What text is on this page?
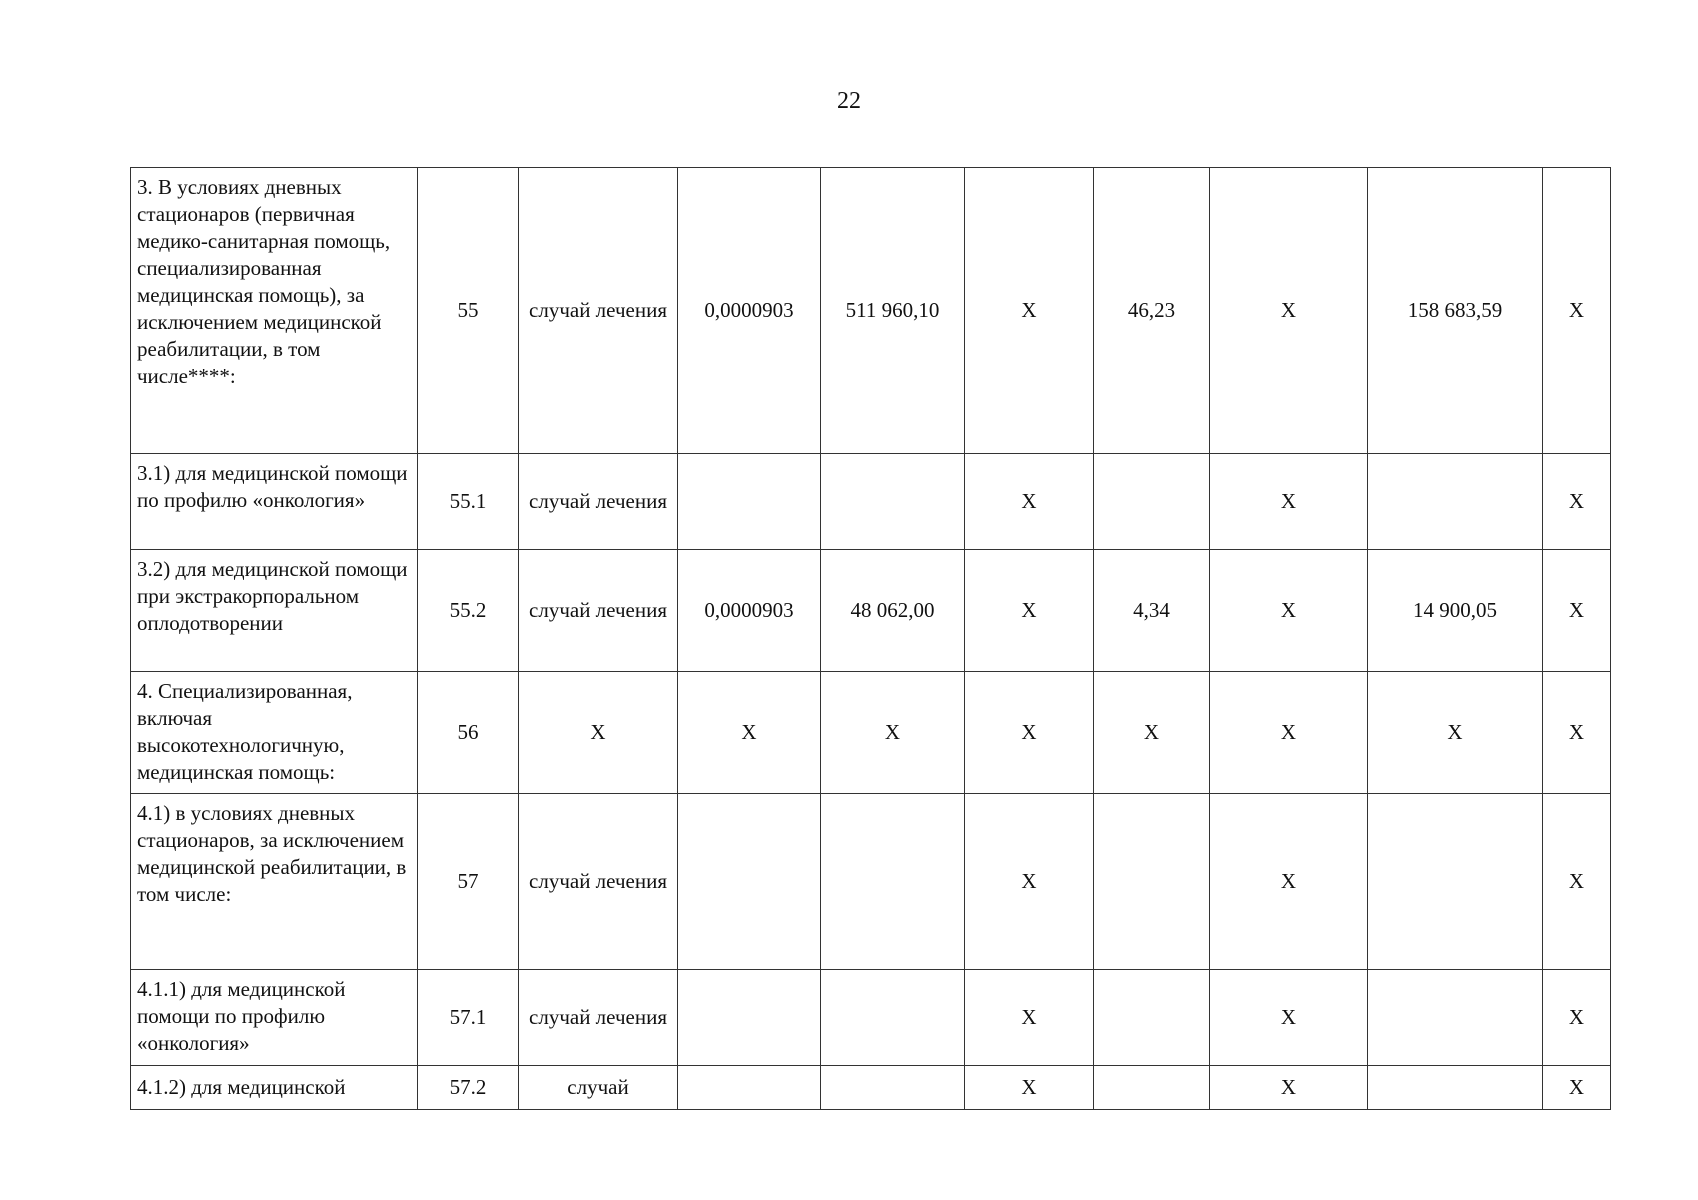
22
3. В условиях дневных стационаров (первичная медико-санитарная помощь, специализированная медицинская помощь), за исключением медицинской реабилитации, в том числе****:	55	случай лечения	0,0000903	511 960,10	X	46,23	X	158 683,59	X
3.1) для медицинской помощи по профилю «онкология»	55.1	случай лечения			X		X		X
3.2) для медицинской помощи при экстракорпоральном оплодотворении	55.2	случай лечения	0,0000903	48 062,00	X	4,34	X	14 900,05	X
4. Специализированная, включая высокотехнологичную, медицинская помощь:	56	X	X	X	X	X	X	X	X
4.1) в условиях дневных стационаров, за исключением медицинской реабилитации, в том числе:	57	случай лечения			X		X		X
4.1.1) для медицинской помощи по профилю «онкология»	57.1	случай лечения			X		X		X
4.1.2) для медицинской	57.2	случай			X		X		X
